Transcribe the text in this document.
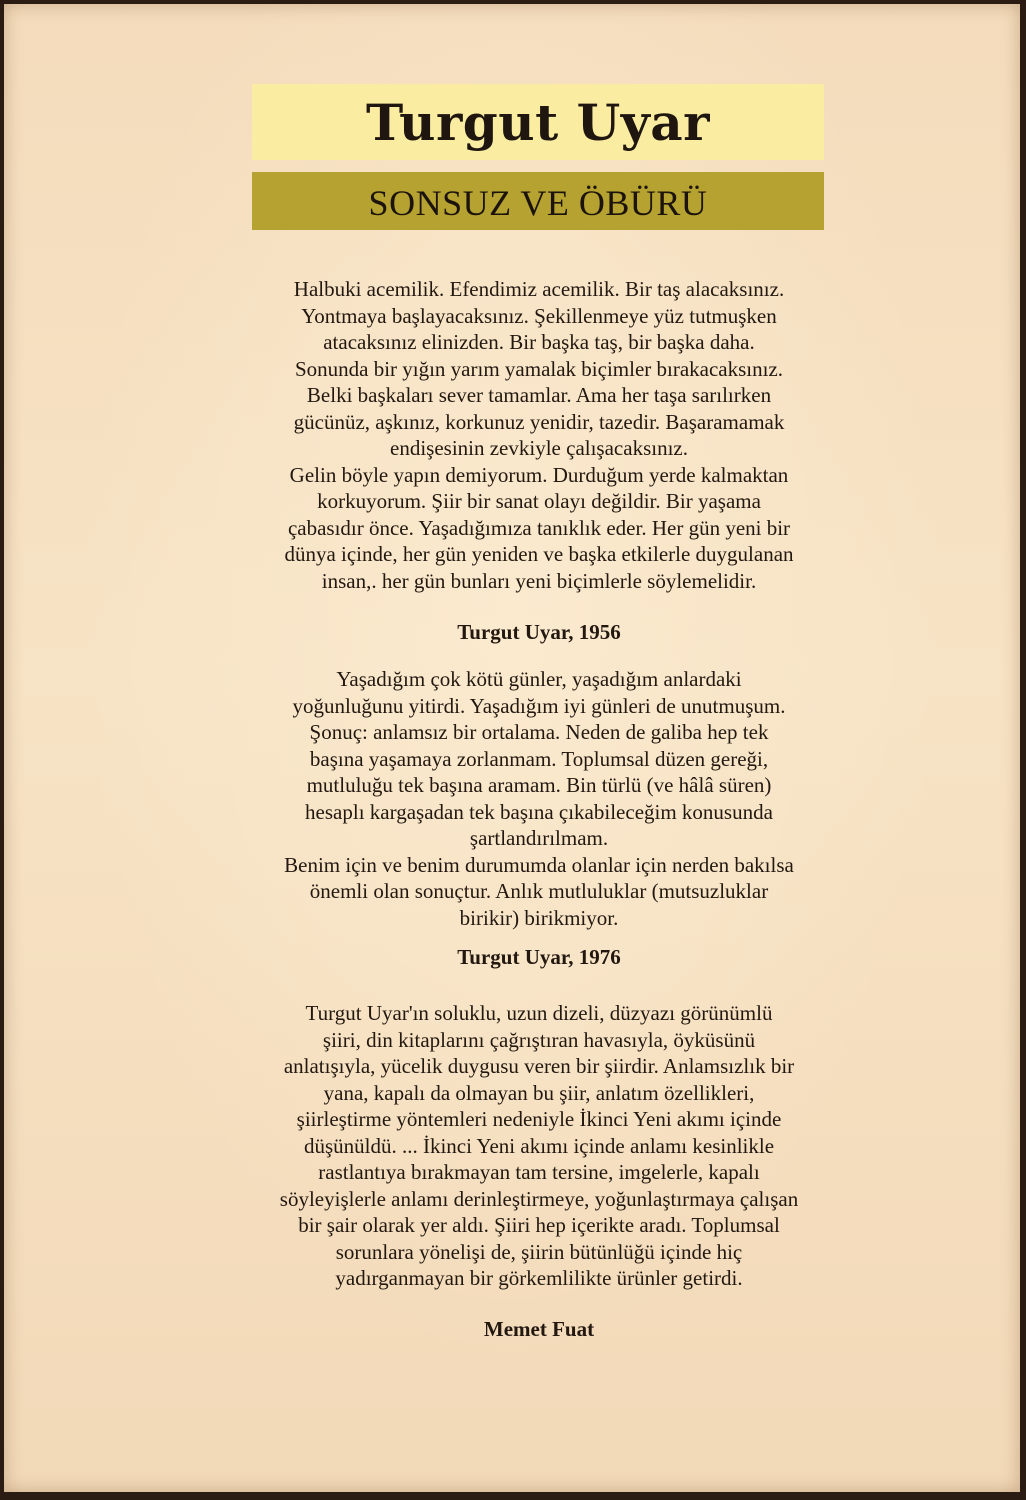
Turgut Uyar
SONSUZ VE ÖBÜRÜ

Halbuki acemilik. Efendimiz acemilik. Bir taş alacaksınız.
Yontmaya başlayacaksınız. Şekillenmeye yüz tutmuşken
atacaksınız elinizden. Bir başka taş, bir başka daha.
Sonunda bir yığın yarım yamalak biçimler bırakacaksınız.
Belki başkaları sever tamamlar. Ama her taşa sarılırken
gücünüz, aşkınız, korkunuz yenidir, tazedir. Başaramamak
endişesinin zevkiyle çalışacaksınız.
Gelin böyle yapın demiyorum. Durduğum yerde kalmaktan
korkuyorum. Şiir bir sanat olayı değildir. Bir yaşama
çabasıdır önce. Yaşadığımıza tanıklık eder. Her gün yeni bir
dünya içinde, her gün yeniden ve başka etkilerle duygulanan
insan,. her gün bunları yeni biçimlerle söylemelidir.

Turgut Uyar, 1956

Yaşadığım çok kötü günler, yaşadığım anlardaki
yoğunluğunu yitirdi. Yaşadığım iyi günleri de unutmuşum.
Şonuç: anlamsız bir ortalama. Neden de galiba hep tek
başına yaşamaya zorlanmam. Toplumsal düzen gereği,
mutluluğu tek başına aramam. Bin türlü (ve hâlâ süren)
hesaplı kargaşadan tek başına çıkabileceğim konusunda
şartlandırılmam.
Benim için ve benim durumumda olanlar için nerden bakılsa
önemli olan sonuçtur. Anlık mutluluklar (mutsuzluklar
birikir) birikmiyor.

Turgut Uyar, 1976

Turgut Uyar'ın soluklu, uzun dizeli, düzyazı görünümlü
şiiri, din kitaplarını çağrıştıran havasıyla, öyküsünü
anlatışıyla, yücelik duygusu veren bir şiirdir. Anlamsızlık bir
yana, kapalı da olmayan bu şiir, anlatım özellikleri,
şiirleştirme yöntemleri nedeniyle İkinci Yeni akımı içinde
düşünüldü. ... İkinci Yeni akımı içinde anlamı kesinlikle
rastlantıya bırakmayan tam tersine, imgelerle, kapalı
söyleyişlerle anlamı derinleştirmeye, yoğunlaştırmaya çalışan
bir şair olarak yer aldı. Şiiri hep içerikte aradı. Toplumsal
sorunlara yönelişi de, şiirin bütünlüğü içinde hiç
yadırganmayan bir görkemlilikte ürünler getirdi.

Memet Fuat
